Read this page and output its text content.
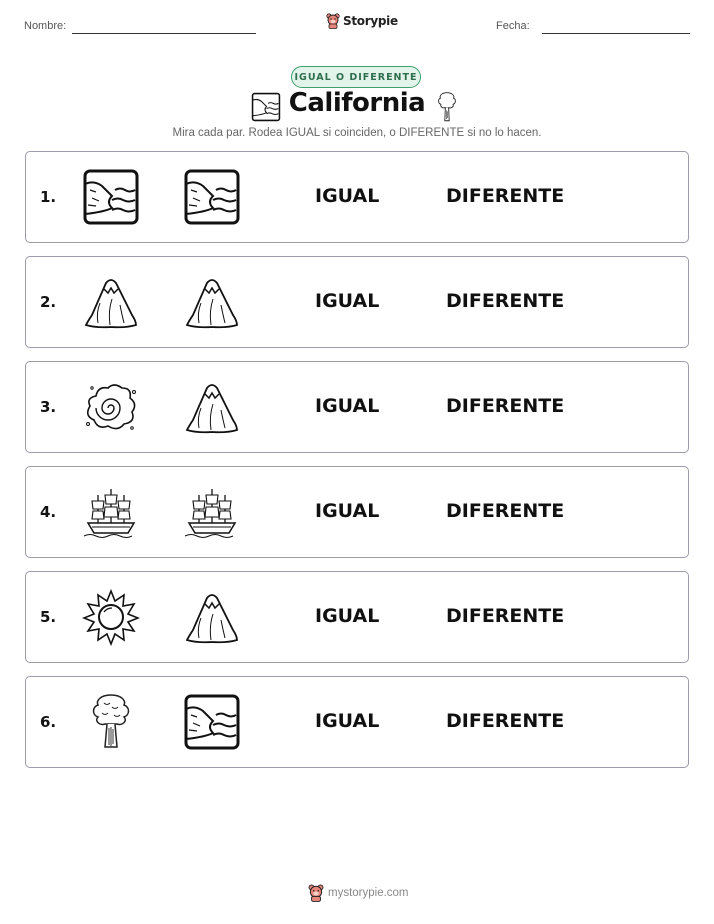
Nombre:	Storypie	Fecha:
IGUAL O DIFERENTE
California
Mira cada par. Rodea IGUAL si coinciden, o DIFERENTE si no lo hacen.
1.	IGUAL	DIFERENTE
2.	IGUAL	DIFERENTE
3.	IGUAL	DIFERENTE
4.	IGUAL	DIFERENTE
5.	IGUAL	DIFERENTE
6.	IGUAL	DIFERENTE
mystorypie.com
